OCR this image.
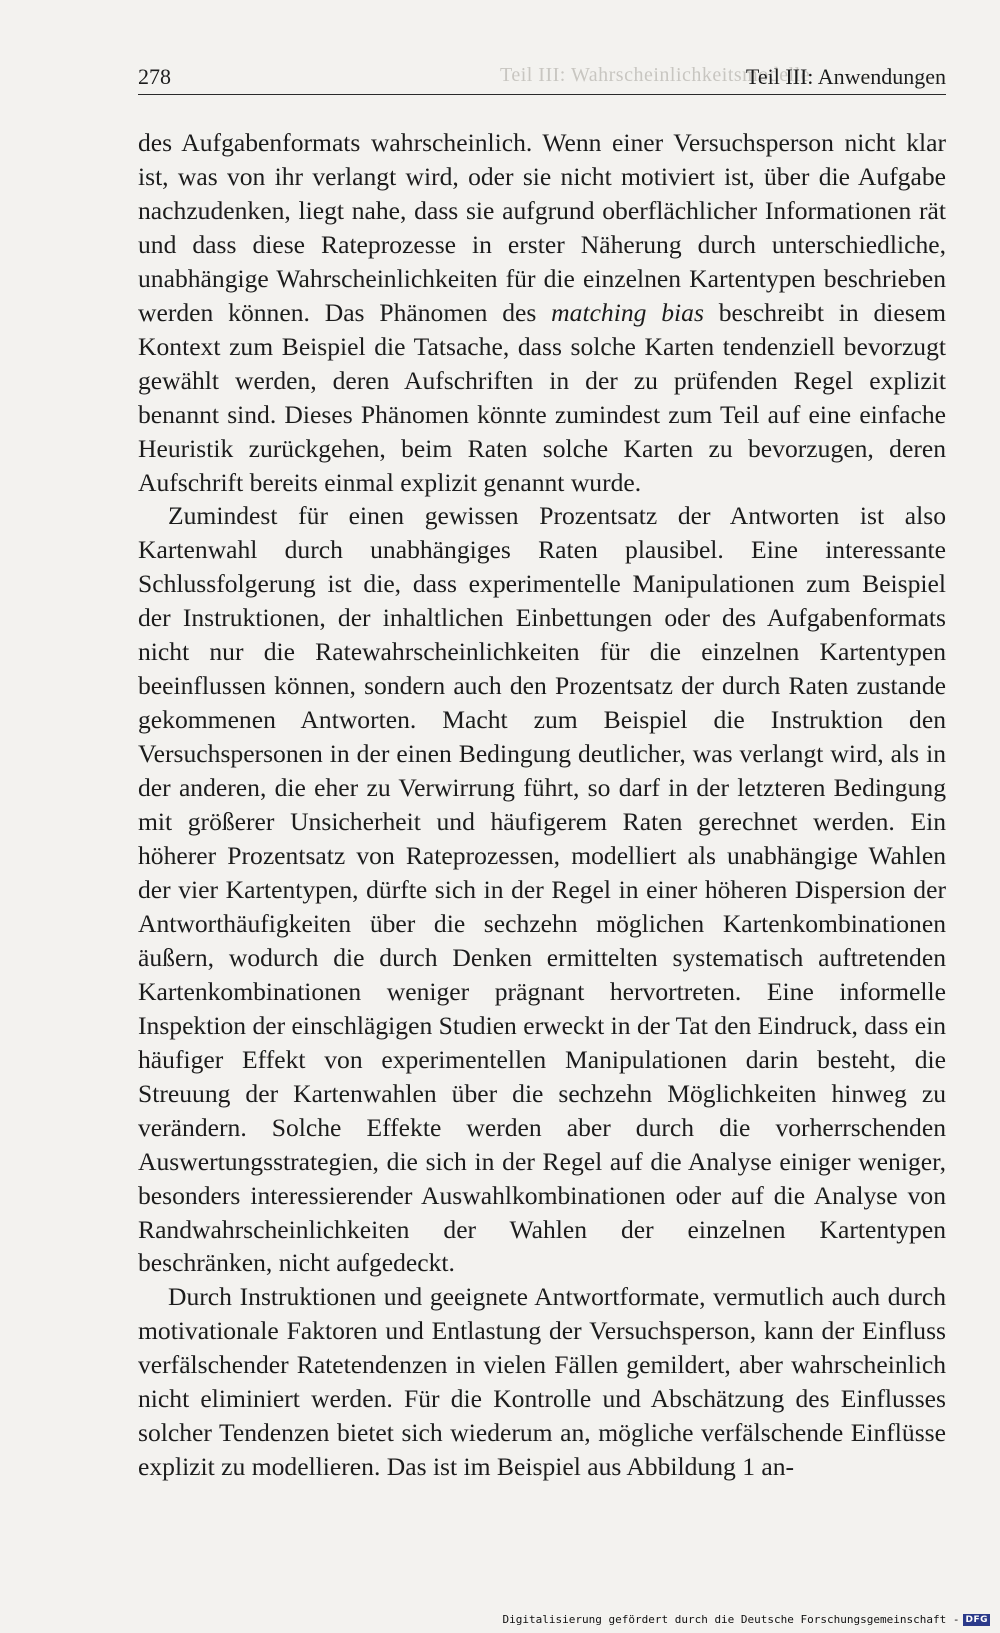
Teil III: Wahrscheinlichkeitsmodelle
278	Teil III: Anwendungen

des Aufgabenformats wahrscheinlich. Wenn einer Versuchsperson nicht klar ist, was von ihr verlangt wird, oder sie nicht motiviert ist, über die Aufgabe nachzudenken, liegt nahe, dass sie aufgrund oberflächlicher Informationen rät und dass diese Rateprozesse in erster Näherung durch unterschiedliche, unabhängige Wahrscheinlichkeiten für die einzelnen Kartentypen beschrieben werden können. Das Phänomen des matching bias beschreibt in diesem Kontext zum Beispiel die Tatsache, dass solche Karten tendenziell bevorzugt gewählt werden, deren Aufschriften in der zu prüfenden Regel explizit benannt sind. Dieses Phänomen könnte zumindest zum Teil auf eine einfache Heuristik zurückgehen, beim Raten solche Karten zu bevorzugen, deren Aufschrift bereits einmal explizit genannt wurde.

Zumindest für einen gewissen Prozentsatz der Antworten ist also Kartenwahl durch unabhängiges Raten plausibel. Eine interessante Schlussfolgerung ist die, dass experimentelle Manipulationen zum Beispiel der Instruktionen, der inhaltlichen Einbettungen oder des Aufgabenformats nicht nur die Ratewahrscheinlichkeiten für die einzelnen Kartentypen beeinflussen können, sondern auch den Prozentsatz der durch Raten zustande gekommenen Antworten. Macht zum Beispiel die Instruktion den Versuchspersonen in der einen Bedingung deutlicher, was verlangt wird, als in der anderen, die eher zu Verwirrung führt, so darf in der letzteren Bedingung mit größerer Unsicherheit und häufigerem Raten gerechnet werden. Ein höherer Prozentsatz von Rateprozessen, modelliert als unabhängige Wahlen der vier Kartentypen, dürfte sich in der Regel in einer höheren Dispersion der Antworthäufigkeiten über die sechzehn möglichen Kartenkombinationen äußern, wodurch die durch Denken ermittelten systematisch auftretenden Kartenkombinationen weniger prägnant hervortreten. Eine informelle Inspektion der einschlägigen Studien erweckt in der Tat den Eindruck, dass ein häufiger Effekt von experimentellen Manipulationen darin besteht, die Streuung der Kartenwahlen über die sechzehn Möglichkeiten hinweg zu verändern. Solche Effekte werden aber durch die vorherrschenden Auswertungsstrategien, die sich in der Regel auf die Analyse einiger weniger, besonders interessierender Auswahlkombinationen oder auf die Analyse von Randwahrscheinlichkeiten der Wahlen der einzelnen Kartentypen beschränken, nicht aufgedeckt.

Durch Instruktionen und geeignete Antwortformate, vermutlich auch durch motivationale Faktoren und Entlastung der Versuchsperson, kann der Einfluss verfälschender Ratetendenzen in vielen Fällen gemildert, aber wahrscheinlich nicht eliminiert werden. Für die Kontrolle und Abschätzung des Einflusses solcher Tendenzen bietet sich wiederum an, mögliche verfälschende Einflüsse explizit zu modellieren. Das ist im Beispiel aus Abbildung 1 an-

Digitalisierung gefördert durch die Deutsche Forschungsgemeinschaft - DFG
